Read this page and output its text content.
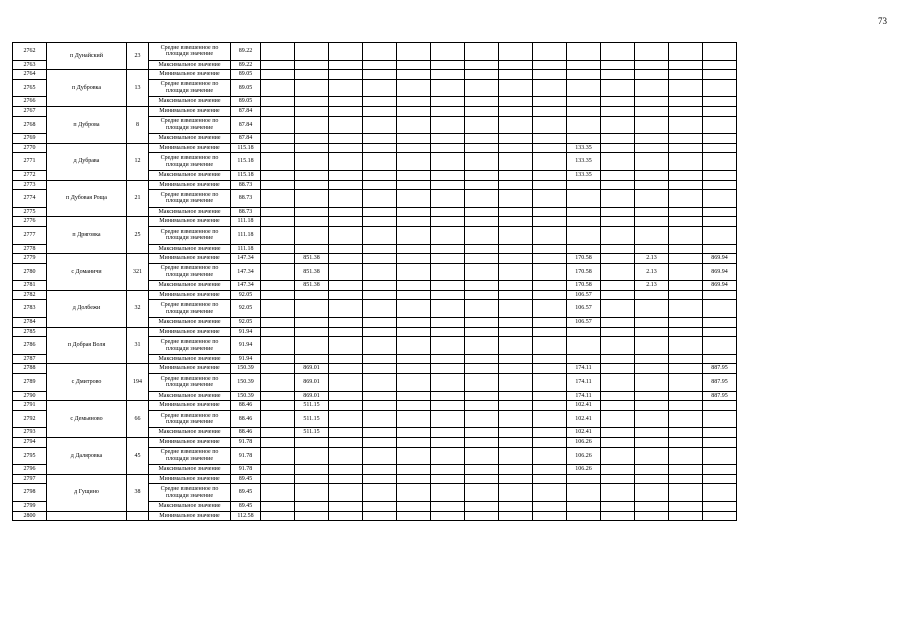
73
2762	п Дунайский	23	Средне взвешенное по площади значение	89.22														
2763			Максимальное значение	89.22														
2764	п Дубровка	13	Минимальное значение	89.05														
2765			Средне взвешенное по площади значение	89.05														
2766			Максимальное значение	89.05														
2767	п Дуброва	8	Минимальное значение	87.84														
2768			Средне взвешенное по площади значение	87.84														
2769			Максимальное значение	87.84														
2770	д Дубрава	12	Минимальное значение	115.18										133.35				
2771			Средне взвешенное по площади значение	115.18										133.35				
2772			Максимальное значение	115.18										133.35				
2773	п Дубовая Роща	21	Минимальное значение	88.73														
2774			Средне взвешенное по площади значение	88.73														
2775			Максимальное значение	88.73														
2776	п Дряговка	25	Минимальное значение	111.18														
2777			Средне взвешенное по площади значение	111.18														
2778			Максимальное значение	111.18														
2779	с Доманичи	321	Минимальное значение	147.34		851.38								170.58		2.13		869.94
2780			Средне взвешенное по площади значение	147.34		851.38								170.58		2.13		869.94
2781			Максимальное значение	147.34		851.38								170.58		2.13		869.94
2782	д Долбежи	32	Минимальное значение	92.05										106.57				
2783			Средне взвешенное по площади значение	92.05										106.57				
2784			Максимальное значение	92.05										106.57				
2785	п Добрая Воля	31	Минимальное значение	91.94														
2786			Средне взвешенное по площади значение	91.94														
2787			Максимальное значение	91.94														
2788	с Дмитрово	194	Минимальное значение	150.39		869.01								174.11				887.95
2789			Средне взвешенное по площади значение	150.39		869.01								174.11				887.95
2790			Максимальное значение	150.39		869.01								174.11				887.95
2791	с Демьяново	66	Минимальное значение	88.46		511.15								102.41				
2792			Средне взвешенное по площади значение	88.46		511.15								102.41				
2793			Максимальное значение	88.46		511.15								102.41				
2794	д Даляровка	45	Минимальное значение	91.78										106.26				
2795			Средне взвешенное по площади значение	91.78										106.26				
2796			Максимальное значение	91.78										106.26				
2797	д Гущино	38	Минимальное значение	89.45														
2798			Средне взвешенное по площади значение	89.45														
2799			Максимальное значение	89.45														
2800			Минимальное значение	112.58														
